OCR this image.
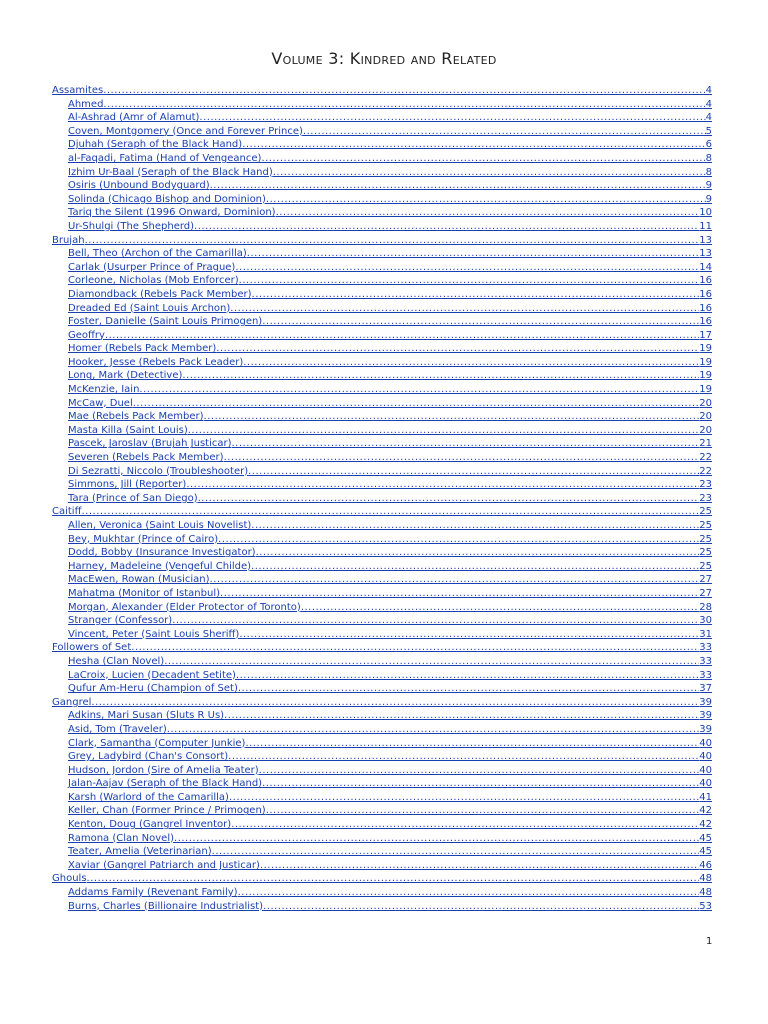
Volume 3: Kindred and Related
Assamites .....	4
Ahmed .....	4
Al-Ashrad (Amr of Alamut) .....	4
Coven, Montgomery (Once and Forever Prince) .....	5
Djuhah (Seraph of the Black Hand) .....	6
al-Faqadi, Fatima (Hand of Vengeance) .....	8
Izhim Ur-Baal (Seraph of the Black Hand) .....	8
Osiris (Unbound Bodyguard) .....	9
Solinda (Chicago Bishop and Dominion) .....	9
Tariq the Silent (1996 Onward, Dominion) .....	10
Ur-Shulgi (The Shepherd) .....	11
Brujah .....	13
Bell, Theo (Archon of the Camarilla) .....	13
Carlak (Usurper Prince of Prague) .....	14
Corleone, Nicholas (Mob Enforcer) .....	16
Diamondback (Rebels Pack Member) .....	16
Dreaded Ed (Saint Louis Archon) .....	16
Foster, Danielle (Saint Louis Primogen) .....	16
Geoffry .....	17
Homer (Rebels Pack Member) .....	19
Hooker, Jesse (Rebels Pack Leader) .....	19
Long, Mark (Detective) .....	19
McKenzie, Iain .....	19
McCaw, Duel .....	20
Mae (Rebels Pack Member) .....	20
Masta Killa (Saint Louis) .....	20
Pascek, Jaroslav (Brujah Justicar) .....	21
Severen (Rebels Pack Member) .....	22
Di Sezratti, Niccolo (Troubleshooter) .....	22
Simmons, Jill (Reporter) .....	23
Tara (Prince of San Diego) .....	23
Caitiff .....	25
Allen, Veronica (Saint Louis Novelist) .....	25
Bey, Mukhtar (Prince of Cairo) .....	25
Dodd, Bobby (Insurance Investigator) .....	25
Harney, Madeleine (Vengeful Childe) .....	25
MacEwen, Rowan (Musician) .....	27
Mahatma (Monitor of Istanbul) .....	27
Morgan, Alexander (Elder Protector of Toronto) .....	28
Stranger (Confessor) .....	30
Vincent, Peter (Saint Louis Sheriff) .....	31
Followers of Set .....	33
Hesha (Clan Novel) .....	33
LaCroix, Lucien (Decadent Setite) .....	33
Qufur Am-Heru (Champion of Set) .....	37
Gangrel .....	39
Adkins, Mari Susan (Sluts R Us) .....	39
Asid, Tom (Traveler) .....	39
Clark, Samantha (Computer Junkie) .....	40
Grey, Ladybird (Chan's Consort) .....	40
Hudson, Jordon (Sire of Amelia Teater) .....	40
Jalan-Aajav (Seraph of the Black Hand) .....	40
Karsh (Warlord of the Camarilla) .....	41
Keller, Chan (Former Prince / Primogen) .....	42
Kenton, Doug (Gangrel Inventor) .....	42
Ramona (Clan Novel) .....	45
Teater, Amelia (Veterinarian) .....	45
Xaviar (Gangrel Patriarch and Justicar) .....	46
Ghouls .....	48
Addams Family (Revenant Family) .....	48
Burns, Charles (Billionaire Industrialist) .....	53
1
